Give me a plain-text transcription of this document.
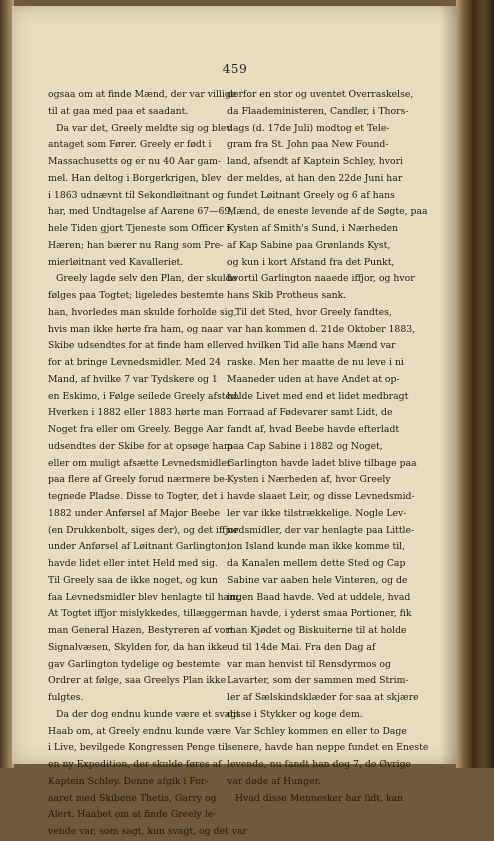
459
ogsaa om at finde Mænd, der var villige
til at gaa med paa et saadant.
Da var det, Greely meldte sig og blev
antaget som Fører. Greely er født i
Massachusetts og er nu 40 Aar gam-
mel. Han deltog i Borgerkrigen, blev
i 1863 udnævnt til Sekondløitnant og
har, med Undtagelse af Aarene 67—69,
hele Tiden gjort Tjeneste som Officer i
Hæren; han bærer nu Rang som Pre-
mierløitnant ved Kavalleriet.
Greely lagde selv den Plan, der skulde
følges paa Togtet; ligeledes bestemte
han, hvorledes man skulde forholde sig,
hvis man ikke hørte fra ham, og naar
Skibe udsendtes for at finde ham eller
for at bringe Levnedsmidler. Med 24
Mand, af hvilke 7 var Tydskere og 1
en Eskimo, i Følge seilede Greely afsted.
Hverken i 1882 eller 1883 hørte man
Noget fra eller om Greely. Begge Aar
udsendtes der Skibe for at opsøge ham
eller om muligt afsætte Levnedsmidler
paa flere af Greely forud nærmere be-
tegnede Pladse. Disse to Togter, det i
1882 under Anførsel af Major Beebe
(en Drukkenbolt, siges der), og det iffjor
under Anførsel af Løitnant Garlington,
havde lidet eller intet Held med sig.
Til Greely saa de ikke noget, og kun
faa Levnedsmidler blev henlagte til ham.
At Togtet iffjor mislykkedes, tillægger
man General Hazen, Bestyreren af vort
Signalvæsen, Skylden for, da han ikke
gav Garlington tydelige og bestemte
Ordrer at følge, saa Greelys Plan ikke
fulgtes.
Da der dog endnu kunde være et svagt
Haab om, at Greely endnu kunde være
i Live, bevilgede Kongressen Penge til
en ny Expedition, der skulde føres af
Kaptein Schley. Denne afgik i For-
aaret med Skibene Thetis, Garry og
Alert. Haabet om at finde Greely le-
vende var, som sagt, kun svagt, og det var
derfor en stor og uventet Overraskelse,
da Flaadeministeren, Candler, i Thors-
dags (d. 17de Juli) modtog et Tele-
gram fra St. John paa New Found-
land, afsendt af Kaptein Schley, hvori
der meldes, at han den 22de Juni har
fundet Løitnant Greely og 6 af hans
Mænd, de eneste levende af de Søgte, paa
Kysten af Smith's Sund, i Nærheden
af Kap Sabine paa Grønlands Kyst,
og kun i kort Afstand fra det Punkt,
hvortil Garlington naaede iffjor, og hvor
hans Skib Protheus sank.
Til det Sted, hvor Greely fandtes,
var han kommen d. 21de Oktober 1883,
ved hvilken Tid alle hans Mænd var
raske. Men her maatte de nu leve i ni
Maaneder uden at have Andet at op-
holde Livet med end et lidet medbragt
Forraad af Fødevarer samt Lidt, de
fandt af, hvad Beebe havde efterladt
paa Cap Sabine i 1882 og Noget,
Garlington havde ladet blive tilbage paa
Kysten i Nærheden af, hvor Greely
havde slaaet Leir, og disse Levnedsmid-
ler var ikke tilstrækkelige. Nogle Lev-
nedsmidler, der var henlagte paa Little-
ton Island kunde man ikke komme til,
da Kanalen mellem dette Sted og Cap
Sabine var aaben hele Vinteren, og de
ingen Baad havde. Ved at uddele, hvad
man havde, i yderst smaa Portioner, fik
man Kjødet og Biskuiterne til at holde
ud til 14de Mai. Fra den Dag af
var man henvist til Rensdyrmos og
Lavarter, som der sammen med Strim-
ler af Sælskindsklæder for saa at skjære
disse i Stykker og koge dem.
Var Schley kommen en eller to Dage
senere, havde han neppe fundet en Eneste
levende, nu fandt han dog 7, de Øvrige
var døde af Hunger.
Hvad disse Mennesker har lidt, kan
